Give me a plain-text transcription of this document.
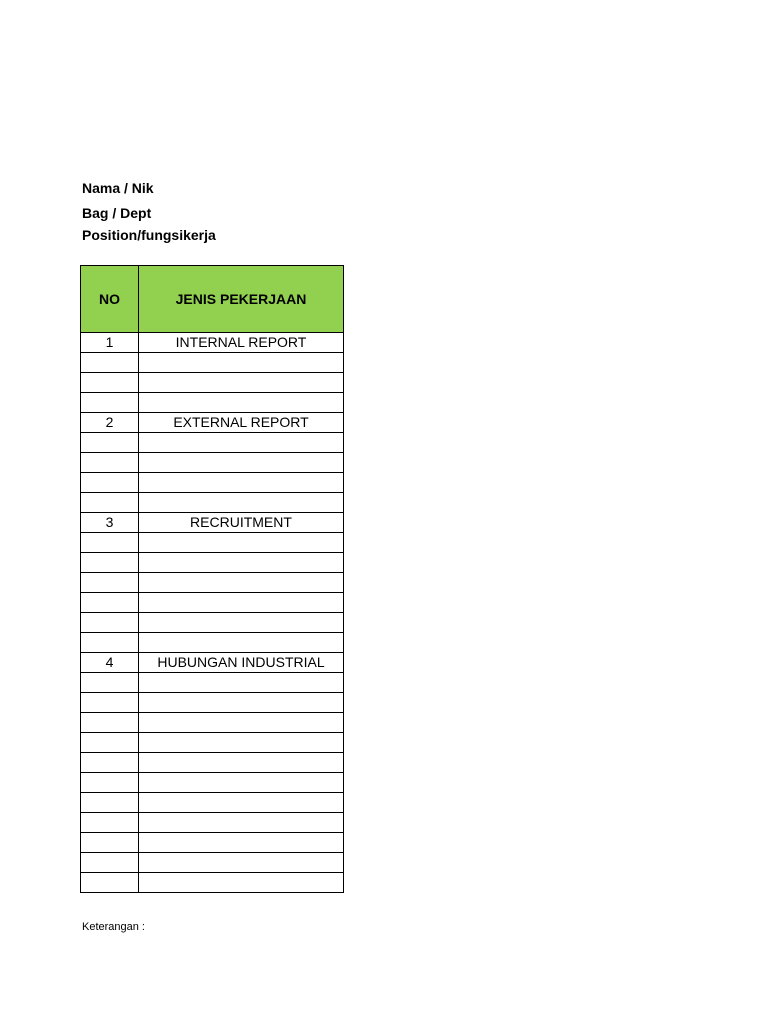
Nama / Nik
Bag / Dept
Position/fungsikerja
NO	JENIS PEKERJAAN
1	INTERNAL REPORT

2	EXTERNAL REPORT

3	RECRUITMENT

4	HUBUNGAN INDUSTRIAL

Keterangan :
